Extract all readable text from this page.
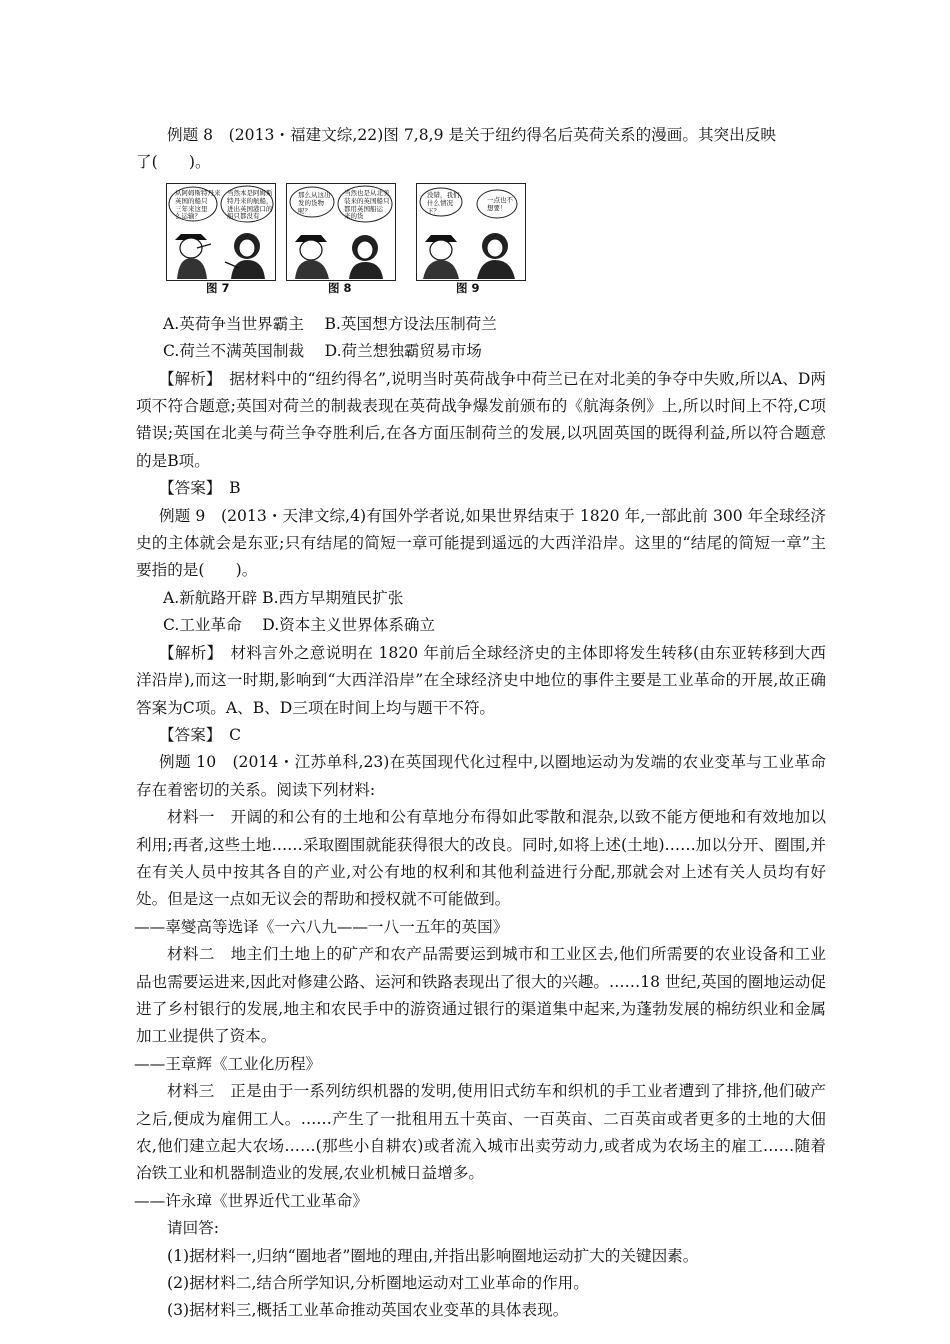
例题 8　(2013・福建文综,22)图 7,8,9 是关于纽约得名后英荷关系的漫画。其突出反映

了(　　)。

从阿姆斯特丹来
英国的船只
三年来这里
么运输？
当然本是阿姆斯
特丹来的航船，
进出英国港口的
船只都没有
那么从这出
发的货物
呢？
当然也是从北美
装来的英国船只
都用英国船运
来的货
没错，我们
什么情况
下？
一点也不
想要！
图 7	图 8	图 9

A.英荷争当世界霸主　 B.英国想方设法压制荷兰

C.荷兰不满英国制裁　 D.荷兰想独霸贸易市场

【解析】　据材料中的“纽约得名”,说明当时英荷战争中荷兰已在对北美的争夺中失败,所以A、D两项不符合题意;英国对荷兰的制裁表现在英荷战争爆发前颁布的《航海条例》上,所以时间上不符,C项错误;英国在北美与荷兰争夺胜利后,在各方面压制荷兰的发展,以巩固英国的既得利益,所以符合题意的是B项。

【答案】　B

例题 9　(2013・天津文综,4)有国外学者说,如果世界结束于 1820 年,一部此前 300 年全球经济史的主体就会是东亚;只有结尾的简短一章可能提到遥远的大西洋沿岸。这里的“结尾的简短一章”主要指的是(　　)。

A.新航路开辟 B.西方早期殖民扩张

C.工业革命　 D.资本主义世界体系确立

【解析】　材料言外之意说明在 1820 年前后全球经济史的主体即将发生转移(由东亚转移到大西洋沿岸),而这一时期,影响到“大西洋沿岸”在全球经济史中地位的事件主要是工业革命的开展,故正确答案为C项。A、B、D三项在时间上均与题干不符。

【答案】　C

例题 10　(2014・江苏单科,23)在英国现代化过程中,以圈地运动为发端的农业变革与工业革命存在着密切的关系。阅读下列材料:

材料一　开阔的和公有的土地和公有草地分布得如此零散和混杂,以致不能方便地和有效地加以利用;再者,这些土地……采取圈围就能获得很大的改良。同时,如将上述(土地)……加以分开、圈围,并在有关人员中按其各自的产业,对公有地的权利和其他利益进行分配,那就会对上述有关人员均有好处。但是这一点如无议会的帮助和授权就不可能做到。

——辜燮高等选译《一六八九——一八一五年的英国》

材料二　地主们土地上的矿产和农产品需要运到城市和工业区去,他们所需要的农业设备和工业品也需要运进来,因此对修建公路、运河和铁路表现出了很大的兴趣。……18 世纪,英国的圈地运动促进了乡村银行的发展,地主和农民手中的游资通过银行的渠道集中起来,为蓬勃发展的棉纺织业和金属加工业提供了资本。

——王章辉《工业化历程》

材料三　正是由于一系列纺织机器的发明,使用旧式纺车和织机的手工业者遭到了排挤,他们破产之后,便成为雇佣工人。……产生了一批租用五十英亩、一百英亩、二百英亩或者更多的土地的大佃农,他们建立起大农场……(那些小自耕农)或者流入城市出卖劳动力,或者成为农场主的雇工……随着冶铁工业和机器制造业的发展,农业机械日益增多。

——许永璋《世界近代工业革命》

请回答:

(1)据材料一,归纳“圈地者”圈地的理由,并指出影响圈地运动扩大的关键因素。

(2)据材料二,结合所学知识,分析圈地运动对工业革命的作用。

(3)据材料三,概括工业革命推动英国农业变革的具体表现。
